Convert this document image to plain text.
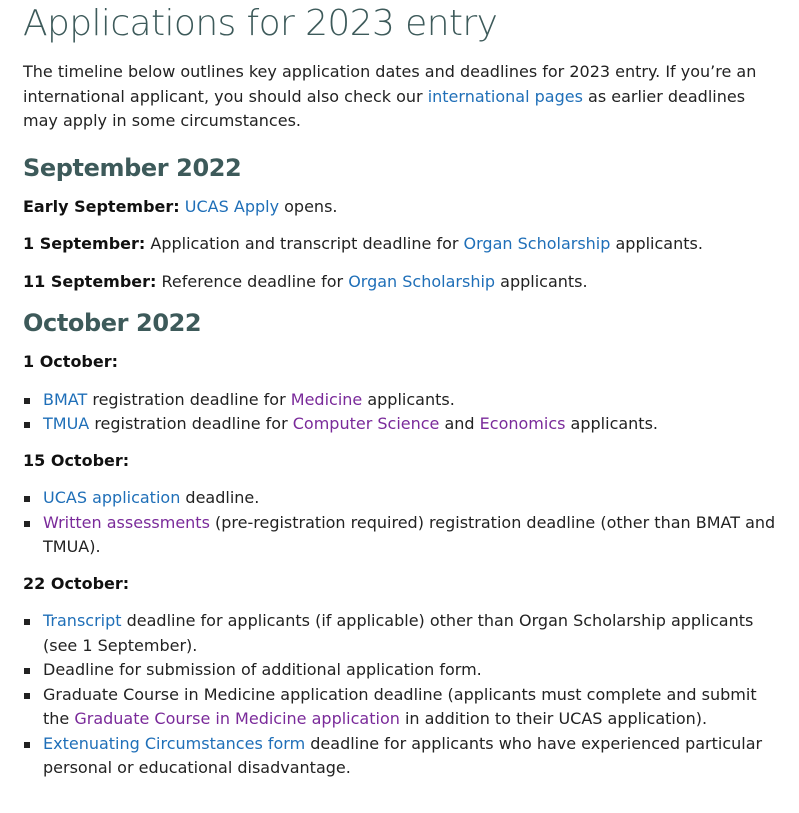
Applications for 2023 entry

The timeline below outlines key application dates and deadlines for 2023 entry. If you’re an international applicant, you should also check our international pages as earlier deadlines may apply in some circumstances.

September 2022

Early September: UCAS Apply opens.

1 September: Application and transcript deadline for Organ Scholarship applicants.

11 September: Reference deadline for Organ Scholarship applicants.

October 2022

1 October:

BMAT registration deadline for Medicine applicants.
TMUA registration deadline for Computer Science and Economics applicants.

15 October:

UCAS application deadline.
Written assessments (pre-registration required) registration deadline (other than BMAT and TMUA).

22 October:

Transcript deadline for applicants (if applicable) other than Organ Scholarship applicants (see 1 September).
Deadline for submission of additional application form.
Graduate Course in Medicine application deadline (applicants must complete and submit the Graduate Course in Medicine application in addition to their UCAS application).
Extenuating Circumstances form deadline for applicants who have experienced particular personal or educational disadvantage.
